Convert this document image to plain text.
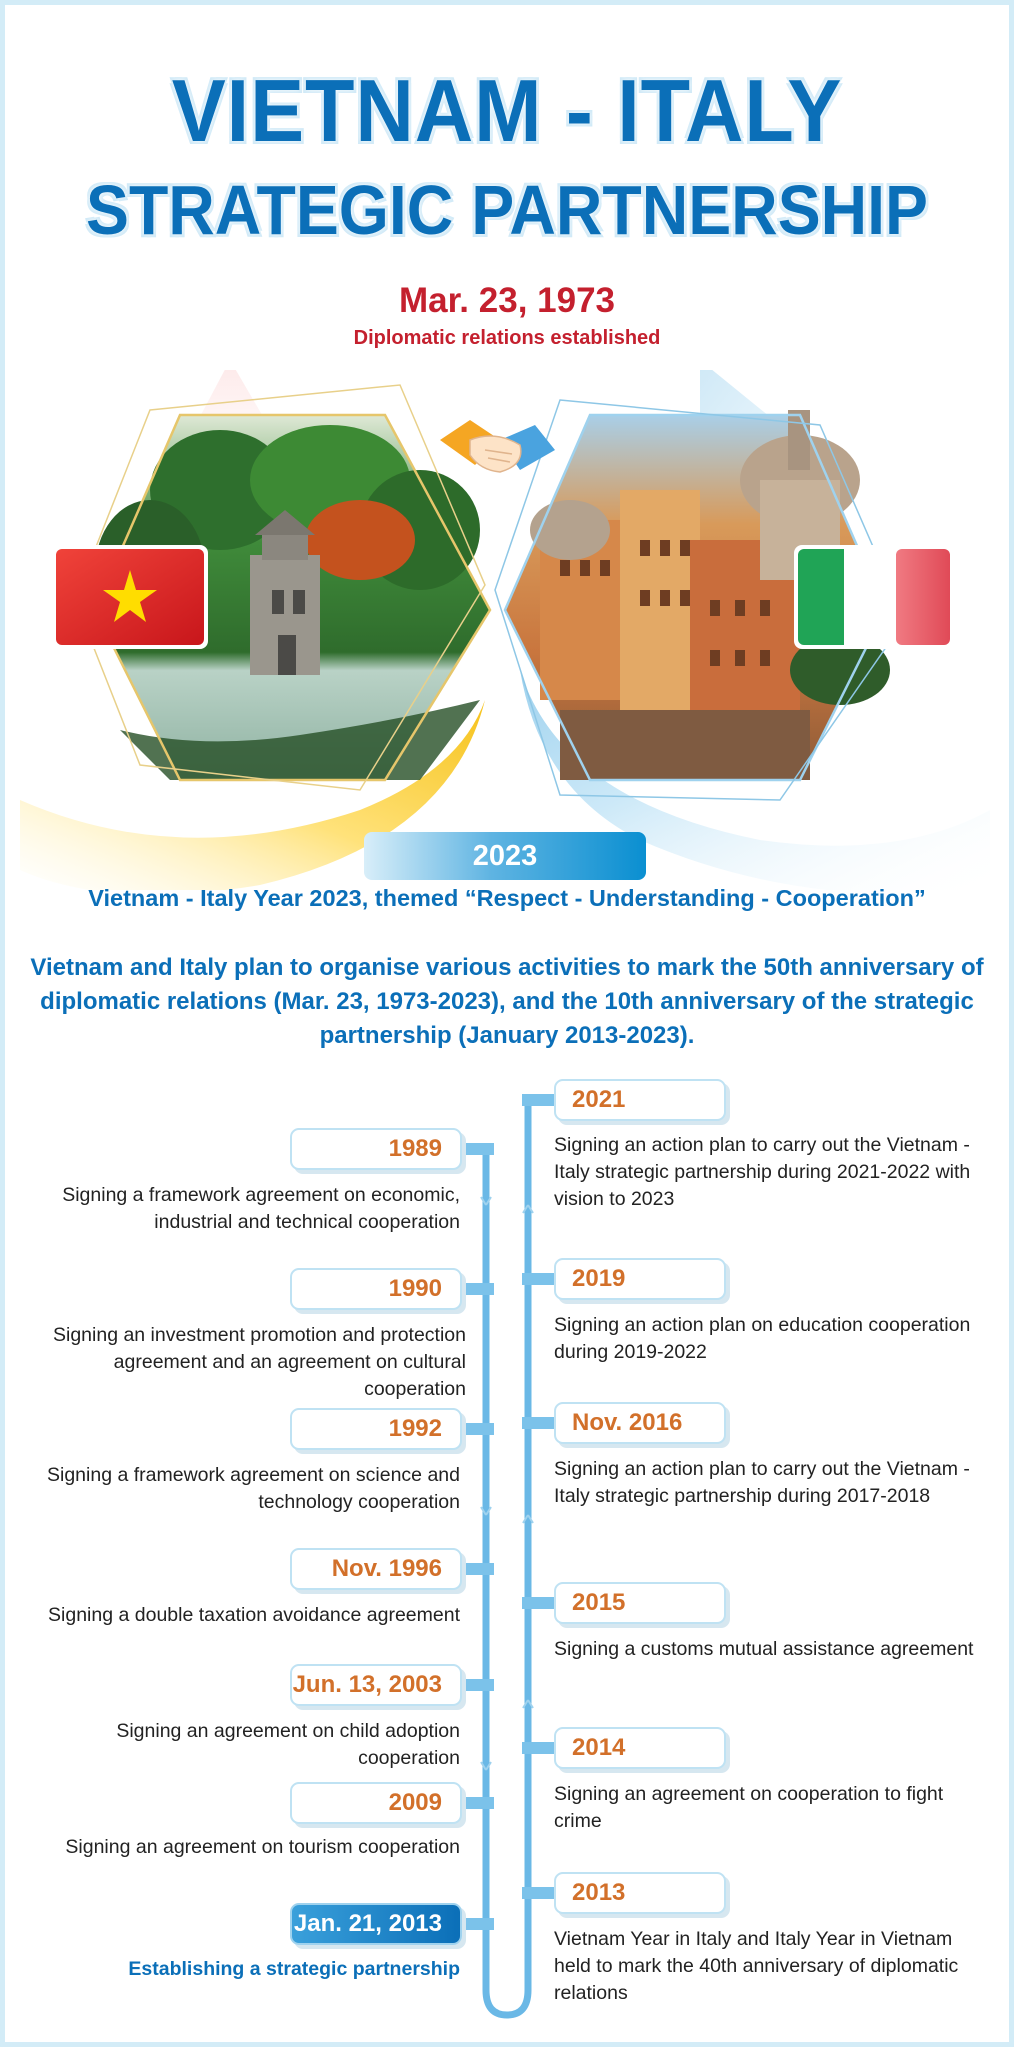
VIETNAM - ITALY
STRATEGIC PARTNERSHIP
Mar. 23, 1973
Diplomatic relations established
2023
Vietnam - Italy Year 2023, themed “Respect - Understanding - Cooperation”
Vietnam and Italy plan to organise various activities to mark the 50th anniversary of diplomatic relations (Mar. 23, 1973-2023), and the 10th anniversary of the strategic partnership (January 2013-2023).
1989
Signing a framework agreement on economic, industrial and technical cooperation
1990
Signing an investment promotion and protection agreement and an agreement on cultural cooperation
1992
Signing a framework agreement on science and technology cooperation
Nov. 1996
Signing a double taxation avoidance agreement
Jun. 13, 2003
Signing an agreement on child adoption cooperation
2009
Signing an agreement on tourism cooperation
Jan. 21, 2013
Establishing a strategic partnership
2021
Signing an action plan to carry out the Vietnam - Italy strategic partnership during 2021-2022 with vision to 2023
2019
Signing an action plan on education cooperation during 2019-2022
Nov. 2016
Signing an action plan to carry out the Vietnam - Italy strategic partnership during 2017-2018
2015
Signing a customs mutual assistance agreement
2014
Signing an agreement on cooperation to fight crime
2013
Vietnam Year in Italy and Italy Year in Vietnam held to mark the 40th anniversary of diplomatic relations
